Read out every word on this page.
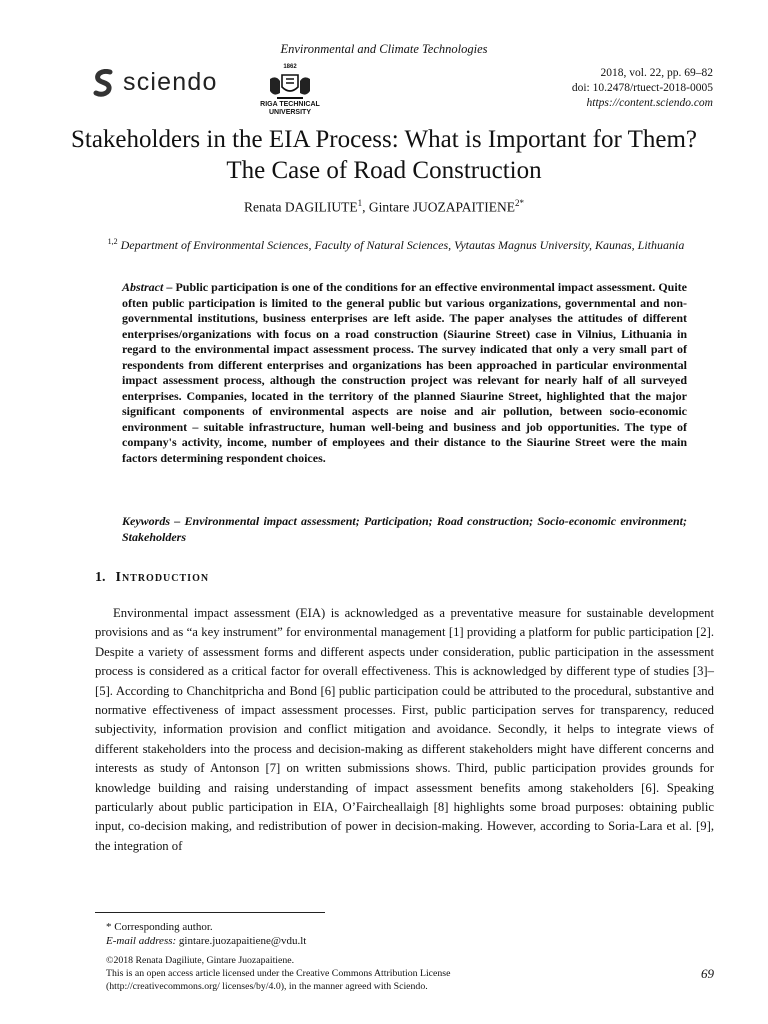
Environmental and Climate Technologies
sciendo
1862
RIGA TECHNICAL UNIVERSITY
2018, vol. 22, pp. 69–82
doi: 10.2478/rtuect-2018-0005
https://content.sciendo.com
Stakeholders in the EIA Process: What is Important for Them? The Case of Road Construction
Renata DAGILIUTE$^1$, Gintare $JUOZAPAITIENE^{2*}$
$^{1,2}$ Department of Environmental Sciences, Faculty of Natural Sciences, Vytautas Magnus University, Kaunas, Lithuania
Abstract – Public participation is one of the conditions for an effective environmental impact assessment. Quite often public participation is limited to the general public but various organizations, governmental and non-governmental institutions, business enterprises are left aside. The paper analyses the attitudes of different enterprises/organizations with focus on a road construction (Siaurine Street) case in Vilnius, Lithuania in regard to the environmental impact assessment process. The survey indicated that only a very small part of respondents from different enterprises and organizations has been approached in particular environmental impact assessment process, although the construction project was relevant for nearly half of all surveyed enterprises. Companies, located in the territory of the planned Siaurine Street, highlighted that the major significant components of environmental aspects are noise and air pollution, between socio-economic environment – suitable infrastructure, human well-being and business and job opportunities. The type of company's activity, income, number of employees and their distance to the Siaurine Street were the main factors determining respondent choices.
Keywords – Environmental impact assessment; Participation; Road construction; Socio-economic environment; Stakeholders
1. Introduction

Environmental impact assessment (EIA) is acknowledged as a preventative measure for sustainable development provisions and as “a key instrument” for environmental management [1] providing a platform for public participation [2]. Despite a variety of assessment forms and different aspects under consideration, public participation in the assessment process is considered as a critical factor for overall effectiveness. This is acknowledged by different type of studies [3]–[5]. According to Chanchitpricha and Bond [6] public participation could be attributed to the procedural, substantive and normative effectiveness of impact assessment processes. First, public participation serves for transparency, reduced subjectivity, information provision and conflict mitigation and avoidance. Secondly, it helps to integrate views of different stakeholders into the process and decision-making as different stakeholders might have different concerns and interests as study of Antonson [7] on written submissions shows. Third, public participation provides grounds for knowledge building and raising understanding of impact assessment benefits among stakeholders [6]. Speaking particularly about public participation in EIA, O’Faircheallaigh [8] highlights some broad purposes: obtaining public input, co-decision making, and redistribution of power in decision-making. However, according to Soria-Lara et al. [9], the integration of

* Corresponding author.
E-mail address: gintare.juozapaitiene@vdu.lt
©2018 Renata Dagiliute, Gintare Juozapaitiene.
This is an open access article licensed under the Creative Commons Attribution License
(http://creativecommons.org/ licenses/by/4.0), in the manner agreed with Sciendo.
69
